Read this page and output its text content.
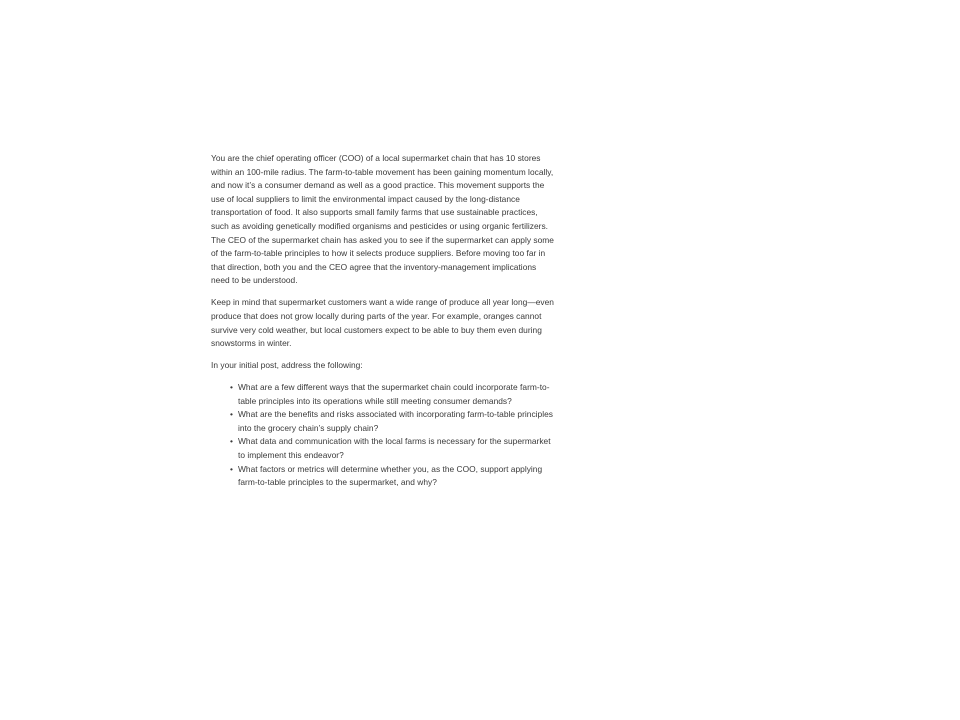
You are the chief operating officer (COO) of a local supermarket chain that has 10 stores within an 100-mile radius. The farm-to-table movement has been gaining momentum locally, and now it’s a consumer demand as well as a good practice. This movement supports the use of local suppliers to limit the environmental impact caused by the long-distance transportation of food. It also supports small family farms that use sustainable practices, such as avoiding genetically modified organisms and pesticides or using organic fertilizers. The CEO of the supermarket chain has asked you to see if the supermarket can apply some of the farm-to-table principles to how it selects produce suppliers. Before moving too far in that direction, both you and the CEO agree that the inventory-management implications need to be understood.

Keep in mind that supermarket customers want a wide range of produce all year long—even produce that does not grow locally during parts of the year. For example, oranges cannot survive very cold weather, but local customers expect to be able to buy them even during snowstorms in winter.

In your initial post, address the following:

• What are a few different ways that the supermarket chain could incorporate farm-to-table principles into its operations while still meeting consumer demands?
• What are the benefits and risks associated with incorporating farm-to-table principles into the grocery chain’s supply chain?
• What data and communication with the local farms is necessary for the supermarket to implement this endeavor?
• What factors or metrics will determine whether you, as the COO, support applying farm-to-table principles to the supermarket, and why?
